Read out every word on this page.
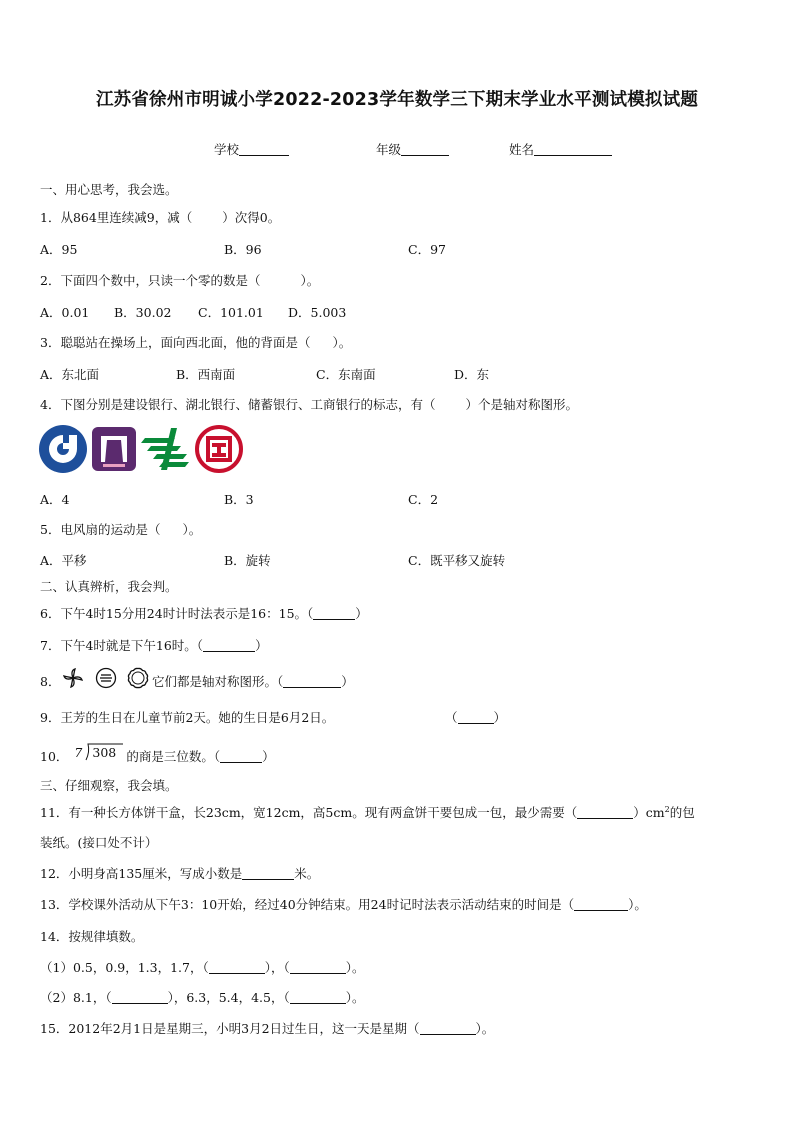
江苏省徐州市明诚小学2022-2023学年数学三下期末学业水平测试模拟试题
学校	年级	姓名
一、用心思考，我会选。
1．从864里连续减9，减（ ）次得0。
A．95	B．96	C．97
2．下面四个数中，只读一个零的数是（	）。
A．0.01 B．30.02 C．101.01 D．5.003
3．聪聪站在操场上，面向西北面，他的背面是（ ）。
A．东北面	B．西南面	C．东南面	D．东
4．下图分别是建设银行、湖北银行、储蓄银行、工商银行的标志，有（ ）个是轴对称图形。
A．4	B．3	C．2
5．电风扇的运动是（ ）。
A．平移	B．旋转	C．既平移又旋转
二、认真辨析，我会判。
6．下午4时15分用24时计时法表示是16：15。（	）
7．下午4时就是下午16时。（	）
8．	它们都是轴对称图形。（	）
9．王芳的生日在儿童节前2天。她的生日是6月2日。	（	）
10． 7 308 的商是三位数。（	）
三、仔细观察，我会填。
11．有一种长方体饼干盒，长23cm，宽12cm，高5cm。现有两盒饼干要包成一包，最少需要（	）$cm^2$的包
装纸。(接口处不计）
12．小明身高135厘米，写成小数是	米。
13．学校课外活动从下午3：10开始，经过40分钟结束。用24时记时法表示活动结束的时间是（	）。
14．按规律填数。
（1）0.5，0.9，1.3，1.7，（	），（	）。
（2）8.1，（	），6.3，5.4，4.5，（	）。
15．2012年2月1日是星期三，小明3月2日过生日，这一天是星期（	）。
